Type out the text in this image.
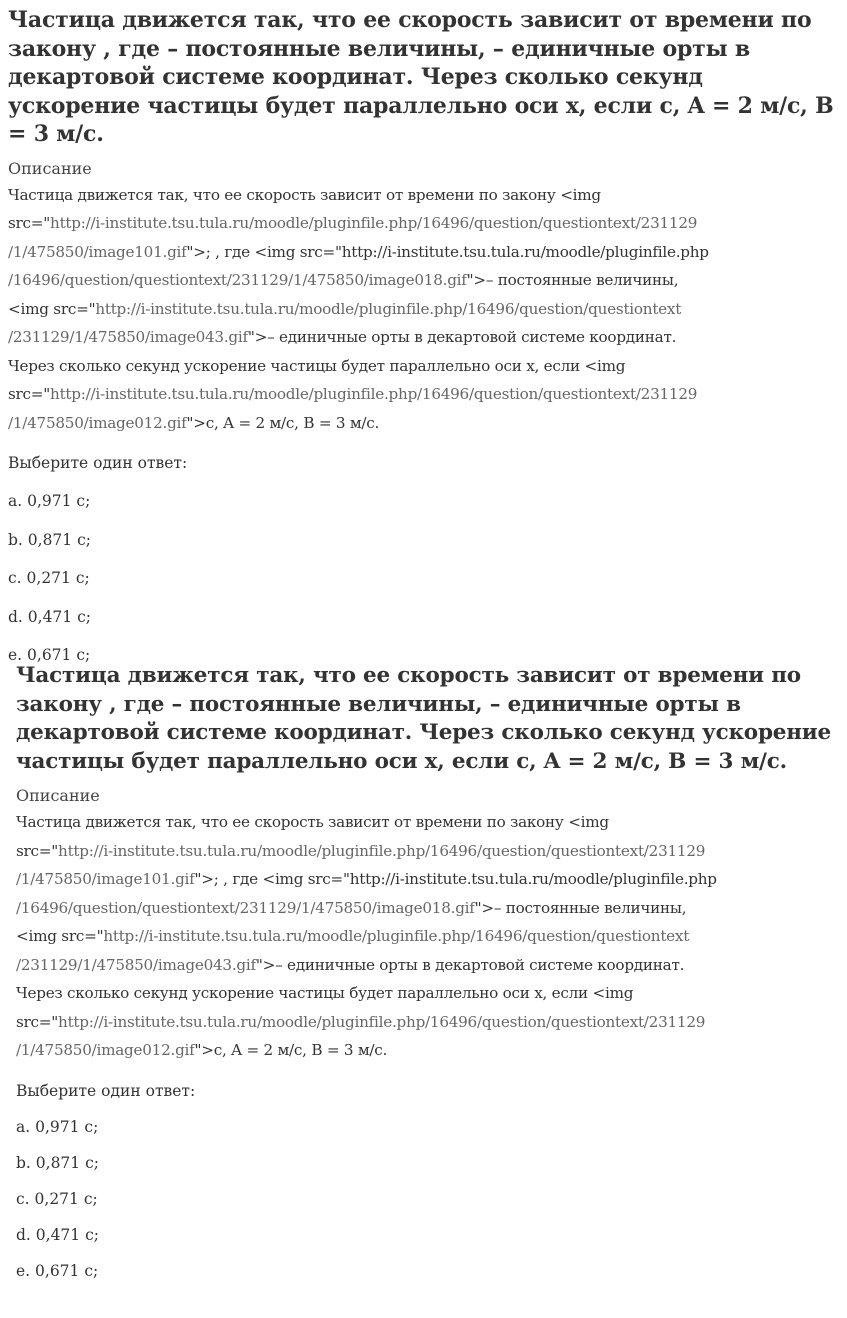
Частица движется так, что ее скорость зависит от времени по закону , где – постоянные величины, – единичные орты в декартовой системе координат. Через сколько секунд ускорение частицы будет параллельно оси x, если c, A = 2 м/с, B = 3 м/с.
Описание
Частица движется так, что ее скорость зависит от времени по закону <img
src="http://i-institute.tsu.tula.ru/moodle/pluginfile.php/16496/question/questiontext/231129
/1/475850/image101.gif">; , где <img src="http://i-institute.tsu.tula.ru/moodle/pluginfile.php
/16496/question/questiontext/231129/1/475850/image018.gif">– постоянные величины,
<img src="http://i-institute.tsu.tula.ru/moodle/pluginfile.php/16496/question/questiontext
/231129/1/475850/image043.gif">– единичные орты в декартовой системе координат.
Через сколько секунд ускорение частицы будет параллельно оси x, если <img
src="http://i-institute.tsu.tula.ru/moodle/pluginfile.php/16496/question/questiontext/231129
/1/475850/image012.gif">c, A = 2 м/с, B = 3 м/с.
Выберите один ответ:
a. 0,971 с;
b. 0,871 с;
c. 0,271 с;
d. 0,471 с;
e. 0,671 с;
Частица движется так, что ее скорость зависит от времени по закону , где – постоянные величины, – единичные орты в декартовой системе координат. Через сколько секунд ускорение частицы будет параллельно оси x, если c, A = 2 м/с, B = 3 м/с.
Описание
Частица движется так, что ее скорость зависит от времени по закону <img
src="http://i-institute.tsu.tula.ru/moodle/pluginfile.php/16496/question/questiontext/231129
/1/475850/image101.gif">; , где <img src="http://i-institute.tsu.tula.ru/moodle/pluginfile.php
/16496/question/questiontext/231129/1/475850/image018.gif">– постоянные величины,
<img src="http://i-institute.tsu.tula.ru/moodle/pluginfile.php/16496/question/questiontext
/231129/1/475850/image043.gif">– единичные орты в декартовой системе координат.
Через сколько секунд ускорение частицы будет параллельно оси x, если <img
src="http://i-institute.tsu.tula.ru/moodle/pluginfile.php/16496/question/questiontext/231129
/1/475850/image012.gif">c, A = 2 м/с, B = 3 м/с.
Выберите один ответ:
a. 0,971 с;
b. 0,871 с;
c. 0,271 с;
d. 0,471 с;
e. 0,671 с;
